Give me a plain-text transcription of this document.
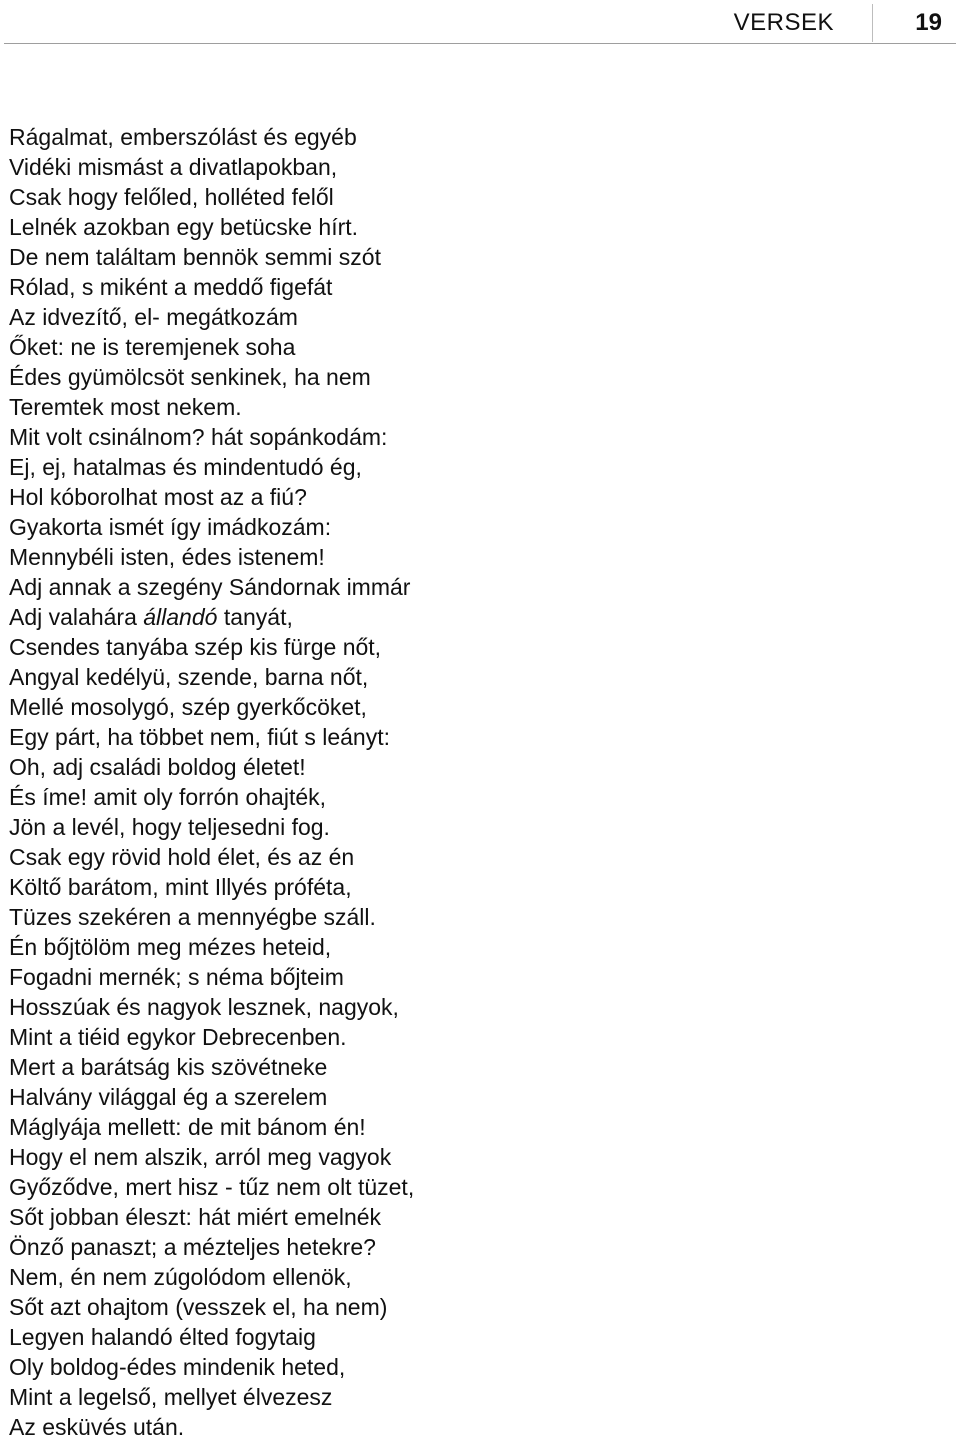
VERSEK	19
Rágalmat, emberszólást és egyéb
Vidéki mismást a divatlapokban,
Csak hogy felőled, holléted felől
Lelnék azokban egy betücske hírt.
De nem találtam bennök semmi szót
Rólad, s miként a meddő figefát
Az idvezítő, el- megátkozám
Őket: ne is teremjenek soha
Édes gyümölcsöt senkinek, ha nem
Teremtek most nekem.
Mit volt csinálnom? hát sopánkodám:
Ej, ej, hatalmas és mindentudó ég,
Hol kóborolhat most az a fiú?
Gyakorta ismét így imádkozám:
Mennybéli isten, édes istenem!
Adj annak a szegény Sándornak immár
Adj valahára állandó tanyát,
Csendes tanyába szép kis fürge nőt,
Angyal kedélyü, szende, barna nőt,
Mellé mosolygó, szép gyerkőcöket,
Egy párt, ha többet nem, fiút s leányt:
Oh, adj családi boldog életet!
És íme! amit oly forrón ohajték,
Jön a levél, hogy teljesedni fog.
Csak egy rövid hold élet, és az én
Költő barátom, mint Illyés próféta,
Tüzes szekéren a mennyégbe száll.
Én bőjtölöm meg mézes heteid,
Fogadni mernék; s néma bőjteim
Hosszúak és nagyok lesznek, nagyok,
Mint a tiéid egykor Debrecenben.
Mert a barátság kis szövétneke
Halvány világgal ég a szerelem
Máglyája mellett: de mit bánom én!
Hogy el nem alszik, arról meg vagyok
Győződve, mert hisz - tűz nem olt tüzet,
Sőt jobban éleszt: hát miért emelnék
Önző panaszt; a mézteljes hetekre?
Nem, én nem zúgolódom ellenök,
Sőt azt ohajtom (vesszek el, ha nem)
Legyen halandó élted fogytaig
Oly boldog-édes mindenik heted,
Mint a legelső, mellyet élvezesz
Az esküvés után.
